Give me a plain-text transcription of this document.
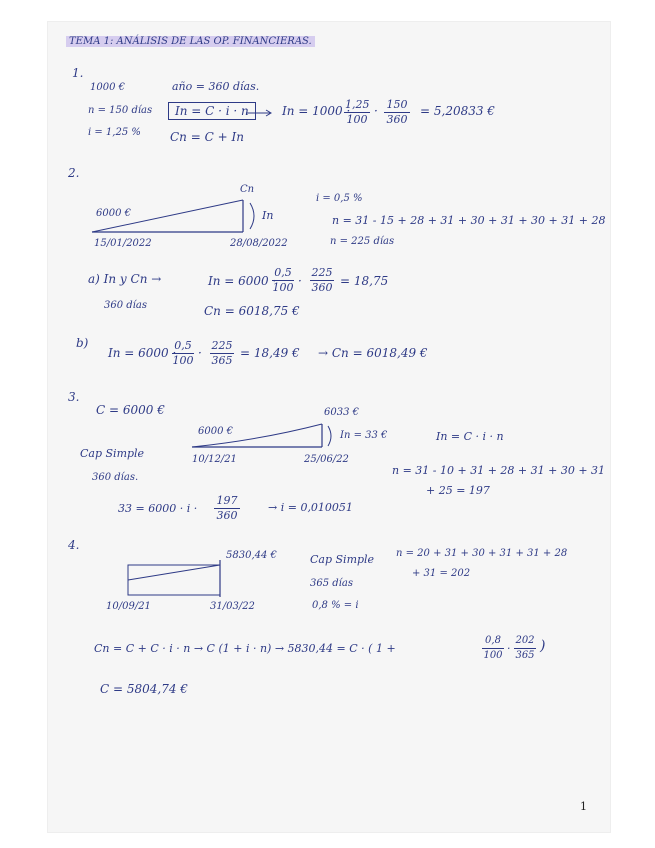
TEMA 1: ANÁLISIS DE LAS OP. FINANCIERAS.
1.
1000 €	año = 360 días.
n = 150 días	In = C · i · n	In = 1000 ·
$\frac{1,25}{100} \cdot \frac{150}{360} = 5,20833$ €
i = 1,25 % Cn = C + In
2.
Cn
6000 €	In
15/01/2022	28/08/2022
i = 0,5 %
n = 31 - 15 + 28 + 31 + 30 + 31 + 30 + 31 + 28
n = 225 días
a) In y Cn →	In = 6000 ·
$\frac{0,5}{100} \cdot \frac{225}{360} = 18,75$
360 días	Cn = 6018,75 €
b)
In = 6000 ·
$\frac{0,5}{100} \cdot \frac{225}{365} = 18,49$ € → Cn = 6018,49 €
3.
C = 6000 €	6033 €
6000 €	In = 33 €	In = C · i · n
Cap Simple	10/12/21	25/06/22
n = 31 - 10 + 31 + 28 + 31 + 30 + 31
360 días.
+ 25 = 197
$33 = 6000 \cdot i \cdot \frac{197}{360}$	→ i = 0,010051
4.
5830,44 €	Cap Simple n = 20 + 31 + 30 + 31 + 31 + 28
+ 31 = 202
365 días
10/09/21	31/03/22	0,8 % = i
Cn = C + C · i · n → C (1 + i · n) → 5830,44 = C · ( 1 +	$\frac{0,8}{100} \cdot \frac{202}{365}$ )
C = 5804,74 €
1
